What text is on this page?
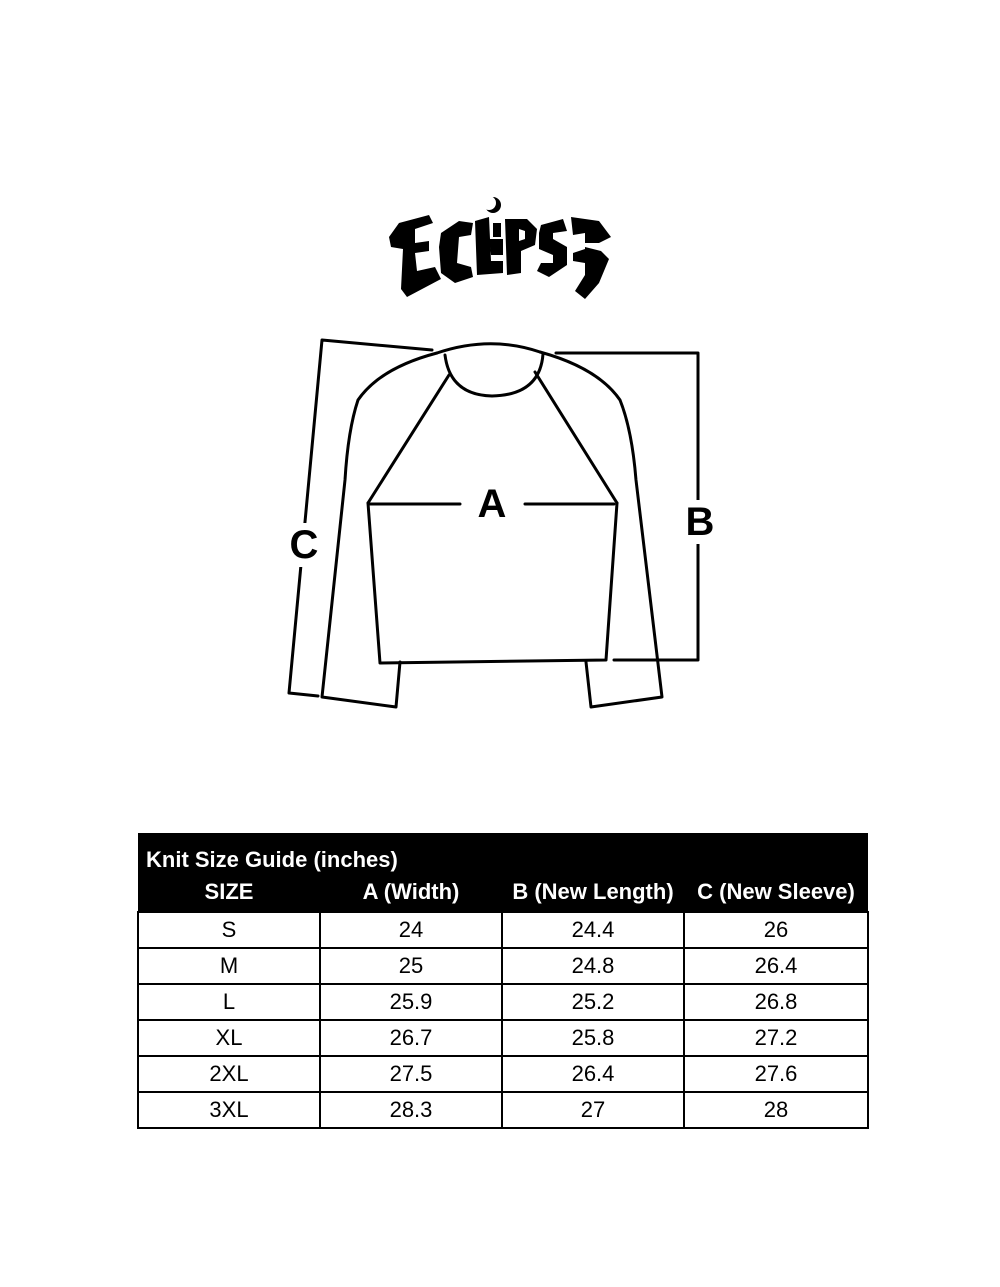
ECLIPSE
A	B
C
Knit Size Guide (inches)			
SIZE	A (Width)	B (New Length)	C (New Sleeve)
S	24	24.4	26
M	25	24.8	26.4
L	25.9	25.2	26.8
XL	26.7	25.8	27.2
2XL	27.5	26.4	27.6
3XL	28.3	27	28
